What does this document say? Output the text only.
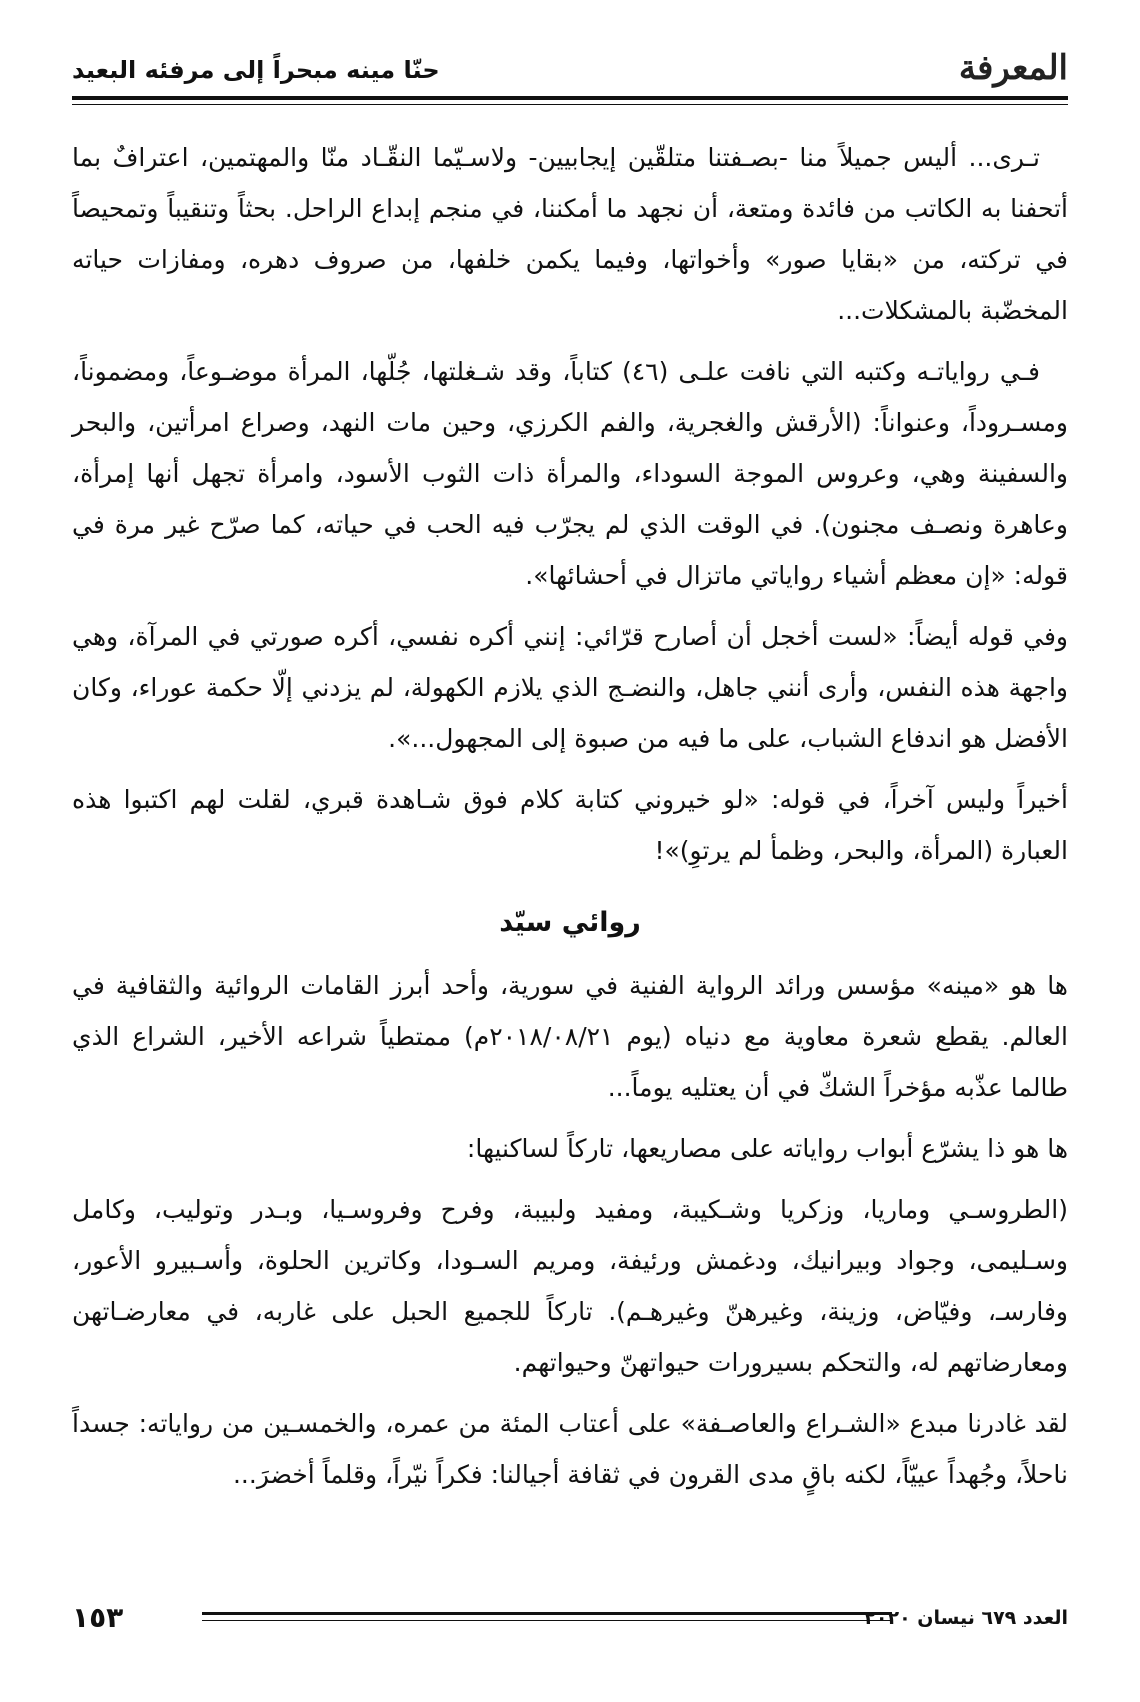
المعرفة
حنّا مينه مبحراً إلى مرفئه البعيد

تـرى... أليس جميلاً منا -بصـفتنا متلقّين إيجابيين- ولاسـيّما النقّـاد منّا والمهتمين، اعترافٌ بما أتحفنا به الكاتب من فائدة ومتعة، أن نجهد ما أمكننا، في منجم إبداع الراحل. بحثاً وتنقيباً وتمحيصاً في تركته، من «بقايا صور» وأخواتها، وفيما يكمن خلفها، من صروف دهره، ومفازات حياته المخضّبة بالمشكلات...

فـي رواياتـه وكتبه التي نافت علـى (٤٦) كتاباً، وقد شـغلتها، جُلّها، المرأة موضـوعاً، ومضموناً، ومسـروداً، وعنواناً: (الأرقش والغجرية، والفم الكرزي، وحين مات النهد، وصراع امرأتين، والبحر والسفينة وهي، وعروس الموجة السوداء، والمرأة ذات الثوب الأسود، وامرأة تجهل أنها إمرأة، وعاهرة ونصـف مجنون). في الوقت الذي لم يجرّب فيه الحب في حياته، كما صرّح غير مرة في قوله: «إن معظم أشياء رواياتي ماتزال في أحشائها».

وفي قوله أيضاً: «لست أخجل أن أصارح قرّائي: إنني أكره نفسي، أكره صورتي في المرآة، وهي واجهة هذه النفس، وأرى أنني جاهل، والنضـج الذي يلازم الكهولة، لم يزدني إلّا حكمة عوراء، وكان الأفضل هو اندفاع الشباب، على ما فيه من صبوة إلى المجهول...».

أخيراً وليس آخراً، في قوله: «لو خيروني كتابة كلام فوق شـاهدة قبري، لقلت لهم اكتبوا هذه العبارة (المرأة، والبحر، وظمأ لم يرتوِ)»!

روائي سيّد

ها هو «مينه» مؤسس ورائد الرواية الفنية في سورية، وأحد أبرز القامات الروائية والثقافية في العالم. يقطع شعرة معاوية مع دنياه (يوم ٢٠١٨/٠٨/٢١م) ممتطياً شراعه الأخير، الشراع الذي طالما عذّبه مؤخراً الشكّ في أن يعتليه يوماً...

ها هو ذا يشرّع أبواب رواياته على مصاريعها، تاركاً لساكنيها:

(الطروسـي وماريا، وزكريا وشـكيبة، ومفيد ولبيبة، وفرح وفروسـيا، وبـدر وتوليب، وكامل وسـليمى، وجواد وبيرانيك، ودغمش ورئيفة، ومريم السـودا، وكاترين الحلوة، وأسـبيرو الأعور، وفارسـ، وفيّاض، وزينة، وغيرهنّ وغيرهـم). تاركاً للجميع الحبل على غاربه، في معارضـاتهن ومعارضاتهم له، والتحكم بسيرورات حيواتهنّ وحيواتهم.

لقد غادرنا مبدع «الشـراع والعاصـفة» على أعتاب المئة من عمره، والخمسـين من رواياته: جسداً ناحلاً، وجُهداً عييّاً، لكنه باقٍ مدى القرون في ثقافة أجيالنا: فكراً نيّراً، وقلماً أخضرَ...

١٥٣	العدد ٦٧٩ نيسان ٢٠٢٠
